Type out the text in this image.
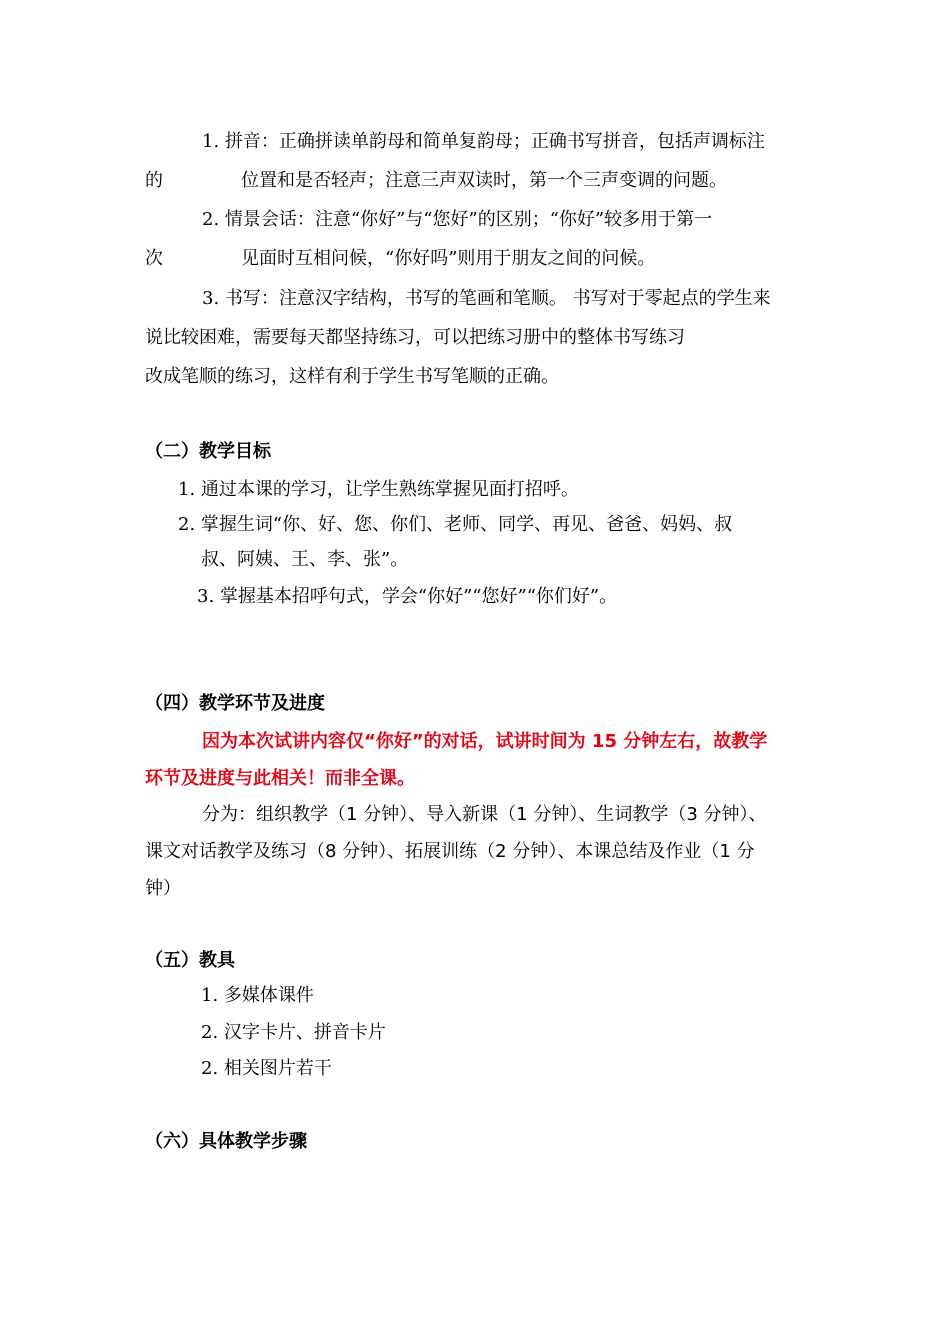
1. 拼音：正确拼读单韵母和简单复韵母；正确书写拼音，包括声调标注
的	位置和是否轻声；注意三声双读时，第一个三声变调的问题。
2. 情景会话：注意“你好”与“您好”的区别；“你好”较多用于第一
次	见面时互相问候，“你好吗”则用于朋友之间的问候。
3. 书写：注意汉字结构，书写的笔画和笔顺。 书写对于零起点的学生来
说比较困难，需要每天都坚持练习，可以把练习册中的整体书写练习
改成笔顺的练习，这样有利于学生书写笔顺的正确。
（二）教学目标
1. 通过本课的学习，让学生熟练掌握见面打招呼。
2. 掌握生词“你、好、您、你们、老师、同学、再见、爸爸、妈妈、叔
叔、阿姨、王、李、张”。
3. 掌握基本招呼句式，学会“你好”“您好”“你们好”。
（四）教学环节及进度
因为本次试讲内容仅“你好”的对话，试讲时间为 15 分钟左右，故教学
环节及进度与此相关！而非全课。
分为：组织教学（1 分钟）、导入新课（1 分钟）、生词教学（3 分钟）、
课文对话教学及练习（8 分钟）、拓展训练（2 分钟）、本课总结及作业（1 分
钟）
（五）教具
1. 多媒体课件
2. 汉字卡片、拼音卡片
2. 相关图片若干
（六）具体教学步骤
